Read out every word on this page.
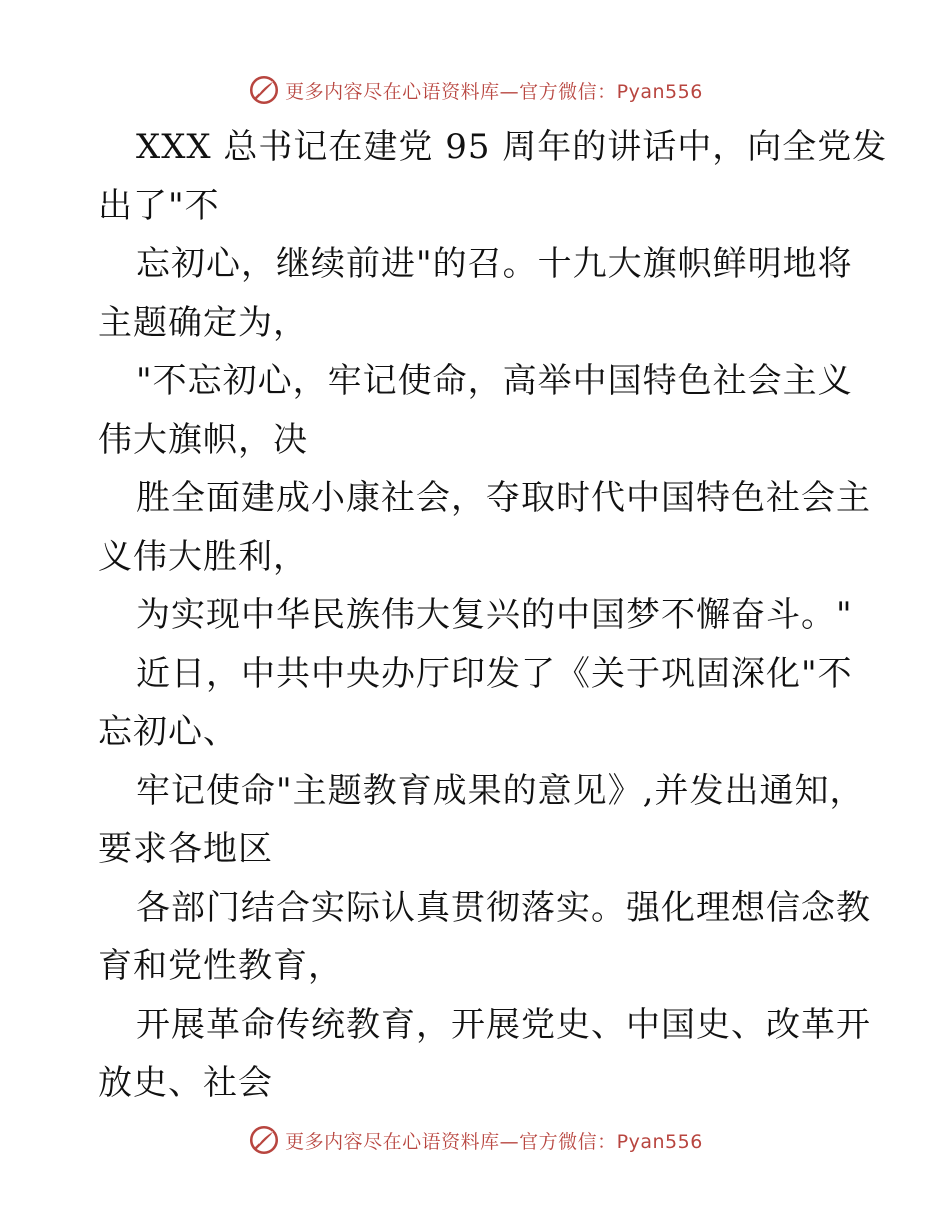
更多内容尽在心语资料库—官方微信：Pyan556
XXX 总书记在建党 95 周年的讲话中，向全党发
出了"不
忘初心，继续前进"的召。十九大旗帜鲜明地将
主题确定为，
"不忘初心，牢记使命，高举中国特色社会主义
伟大旗帜，决
胜全面建成小康社会，夺取时代中国特色社会主
义伟大胜利，
为实现中华民族伟大复兴的中国梦不懈奋斗。"
近日，中共中央办厅印发了《关于巩固深化"不
忘初心、
牢记使命"主题教育成果的意见》,并发出通知，
要求各地区
各部门结合实际认真贯彻落实。强化理想信念教
育和党性教育，
开展革命传统教育，开展党史、中国史、改革开
放史、社会
更多内容尽在心语资料库—官方微信：Pyan556
